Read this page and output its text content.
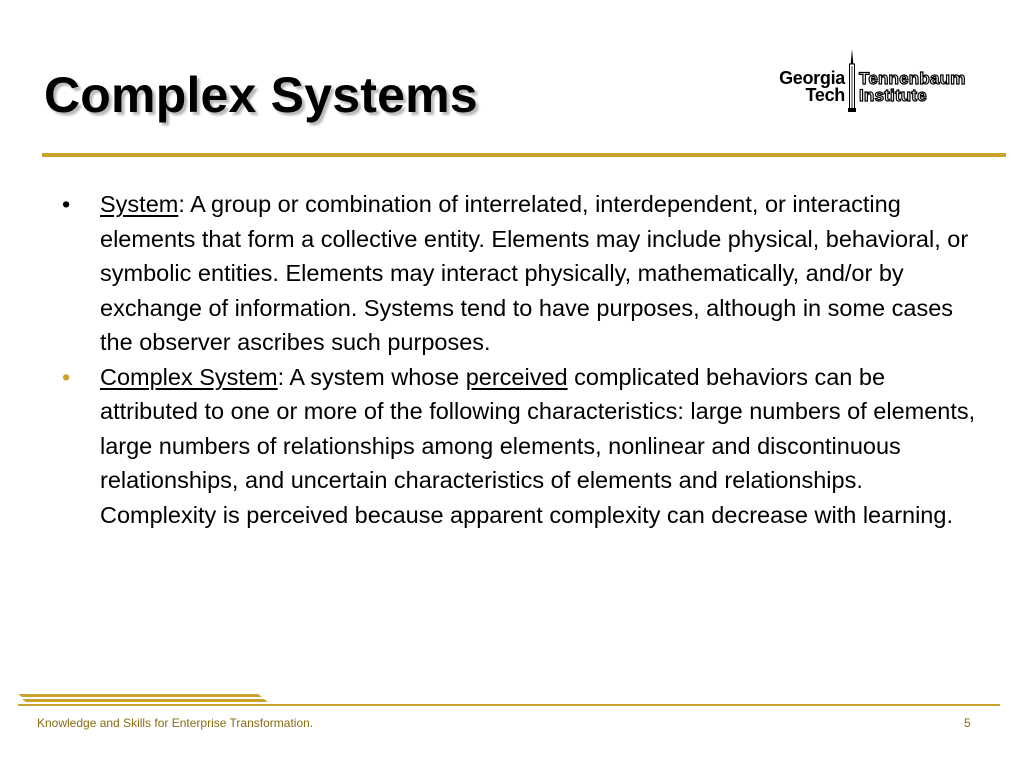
Complex Systems	Georgia
Tech
Tennenbaum
Institute
• System: A group or combination of interrelated, interdependent, or interacting elements that form a collective entity. Elements may include physical, behavioral, or symbolic entities. Elements may interact physically, mathematically, and/or by exchange of information. Systems tend to have purposes, although in some cases the observer ascribes such purposes.
• Complex System: A system whose perceived complicated behaviors can be attributed to one or more of the following characteristics: large numbers of elements, large numbers of relationships among elements, nonlinear and discontinuous relationships, and uncertain characteristics of elements and relationships. Complexity is perceived because apparent complexity can decrease with learning.
Knowledge and Skills for Enterprise Transformation.	5
